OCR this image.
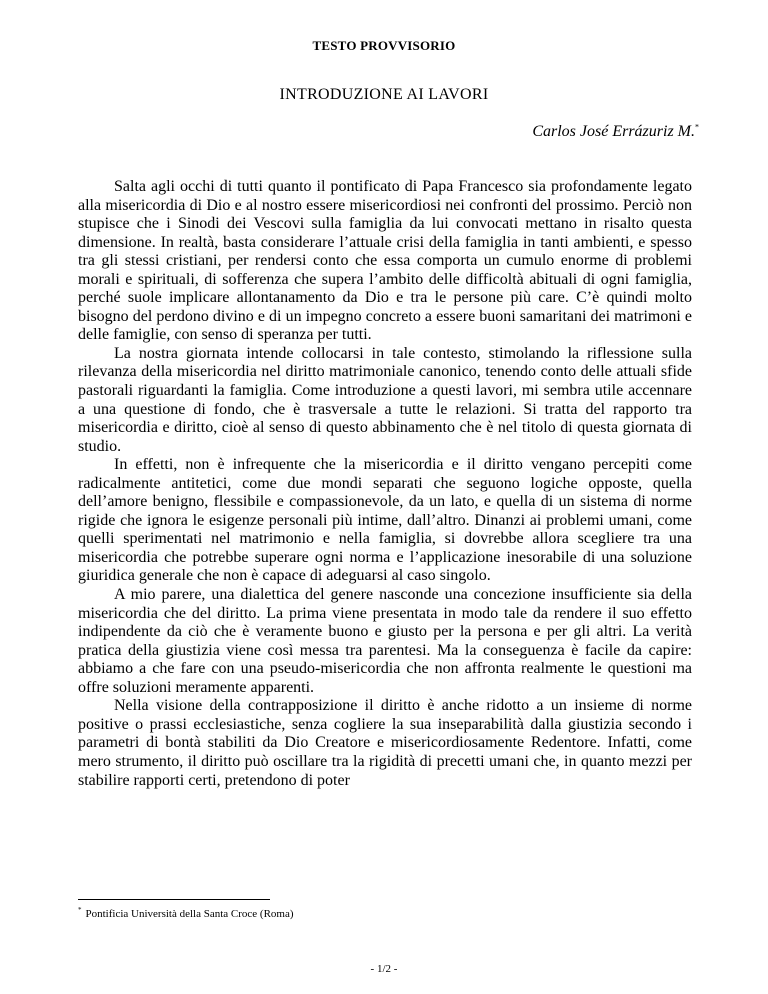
TESTO PROVVISORIO
INTRODUZIONE AI LAVORI
Carlos José Errázuriz M.*

Salta agli occhi di tutti quanto il pontificato di Papa Francesco sia profondamente legato alla misericordia di Dio e al nostro essere misericordiosi nei confronti del prossimo. Perciò non stupisce che i Sinodi dei Vescovi sulla famiglia da lui convocati mettano in risalto questa dimensione. In realtà, basta considerare l’attuale crisi della famiglia in tanti ambienti, e spesso tra gli stessi cristiani, per rendersi conto che essa comporta un cumulo enorme di problemi morali e spirituali, di sofferenza che supera l’ambito delle difficoltà abituali di ogni famiglia, perché suole implicare allontanamento da Dio e tra le persone più care. C’è quindi molto bisogno del perdono divino e di un impegno concreto a essere buoni samaritani dei matrimoni e delle famiglie, con senso di speranza per tutti.

La nostra giornata intende collocarsi in tale contesto, stimolando la riflessione sulla rilevanza della misericordia nel diritto matrimoniale canonico, tenendo conto delle attuali sfide pastorali riguardanti la famiglia. Come introduzione a questi lavori, mi sembra utile accennare a una questione di fondo, che è trasversale a tutte le relazioni. Si tratta del rapporto tra misericordia e diritto, cioè al senso di questo abbinamento che è nel titolo di questa giornata di studio.

In effetti, non è infrequente che la misericordia e il diritto vengano percepiti come radicalmente antitetici, come due mondi separati che seguono logiche opposte, quella dell’amore benigno, flessibile e compassionevole, da un lato, e quella di un sistema di norme rigide che ignora le esigenze personali più intime, dall’altro. Dinanzi ai problemi umani, come quelli sperimentati nel matrimonio e nella famiglia, si dovrebbe allora scegliere tra una misericordia che potrebbe superare ogni norma e l’applicazione inesorabile di una soluzione giuridica generale che non è capace di adeguarsi al caso singolo.

A mio parere, una dialettica del genere nasconde una concezione insufficiente sia della misericordia che del diritto. La prima viene presentata in modo tale da rendere il suo effetto indipendente da ciò che è veramente buono e giusto per la persona e per gli altri. La verità pratica della giustizia viene così messa tra parentesi. Ma la conseguenza è facile da capire: abbiamo a che fare con una pseudo-misericordia che non affronta realmente le questioni ma offre soluzioni meramente apparenti.

Nella visione della contrapposizione il diritto è anche ridotto a un insieme di norme positive o prassi ecclesiastiche, senza cogliere la sua inseparabilità dalla giustizia secondo i parametri di bontà stabiliti da Dio Creatore e misericordiosamente Redentore. Infatti, come mero strumento, il diritto può oscillare tra la rigidità di precetti umani che, in quanto mezzi per stabilire rapporti certi, pretendono di poter

* Pontificia Università della Santa Croce (Roma)
- 1/2 -
